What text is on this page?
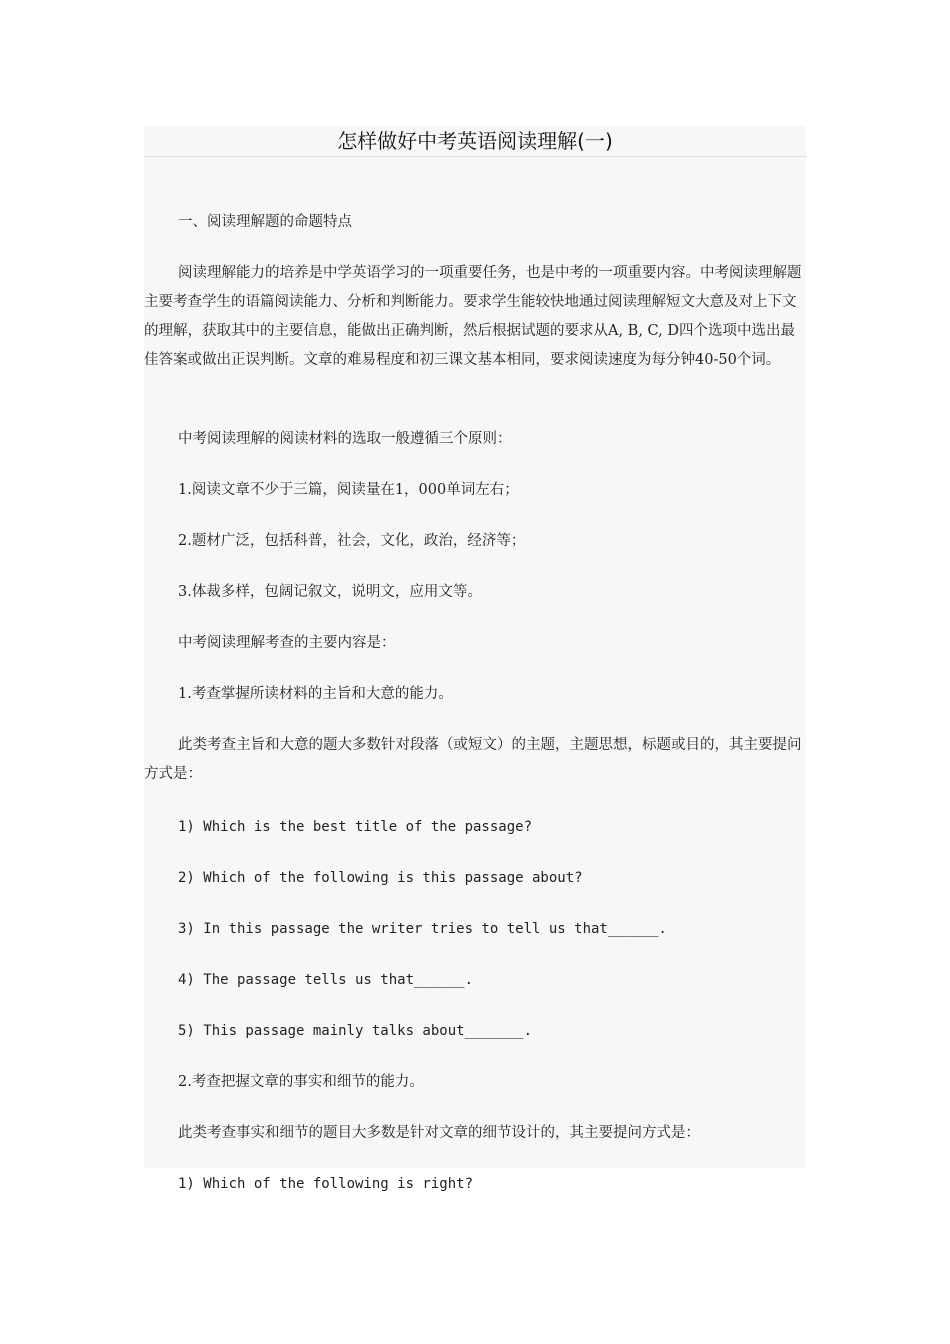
怎样做好中考英语阅读理解(一)

一、阅读理解题的命题特点

阅读理解能力的培养是中学英语学习的一项重要任务，也是中考的一项重要内容。中考阅读理解题主要考查学生的语篇阅读能力、分析和判断能力。要求学生能较快地通过阅读理解短文大意及对上下文的理解，获取其中的主要信息，能做出正确判断，然后根据试题的要求从A, B, C, D四个选项中选出最佳答案或做出正误判断。文章的难易程度和初三课文基本相同，要求阅读速度为每分钟40-50个词。

中考阅读理解的阅读材料的选取一般遵循三个原则：

1.阅读文章不少于三篇，阅读量在1，000单词左右；

2.题材广泛，包括科普，社会，文化，政治，经济等；

3.体裁多样，包阔记叙文，说明文，应用文等。

中考阅读理解考查的主要内容是：

1.考查掌握所读材料的主旨和大意的能力。

此类考查主旨和大意的题大多数针对段落（或短文）的主题，主题思想，标题或目的，其主要提问方式是：

1) Which is the best title of the passage?

2) Which of the following is this passage about?

3) In this passage the writer tries to tell us that______.

4) The passage tells us that______.

5) This passage mainly talks about_______.

2.考查把握文章的事实和细节的能力。

此类考查事实和细节的题目大多数是针对文章的细节设计的，其主要提问方式是：

1) Which of the following is right?
